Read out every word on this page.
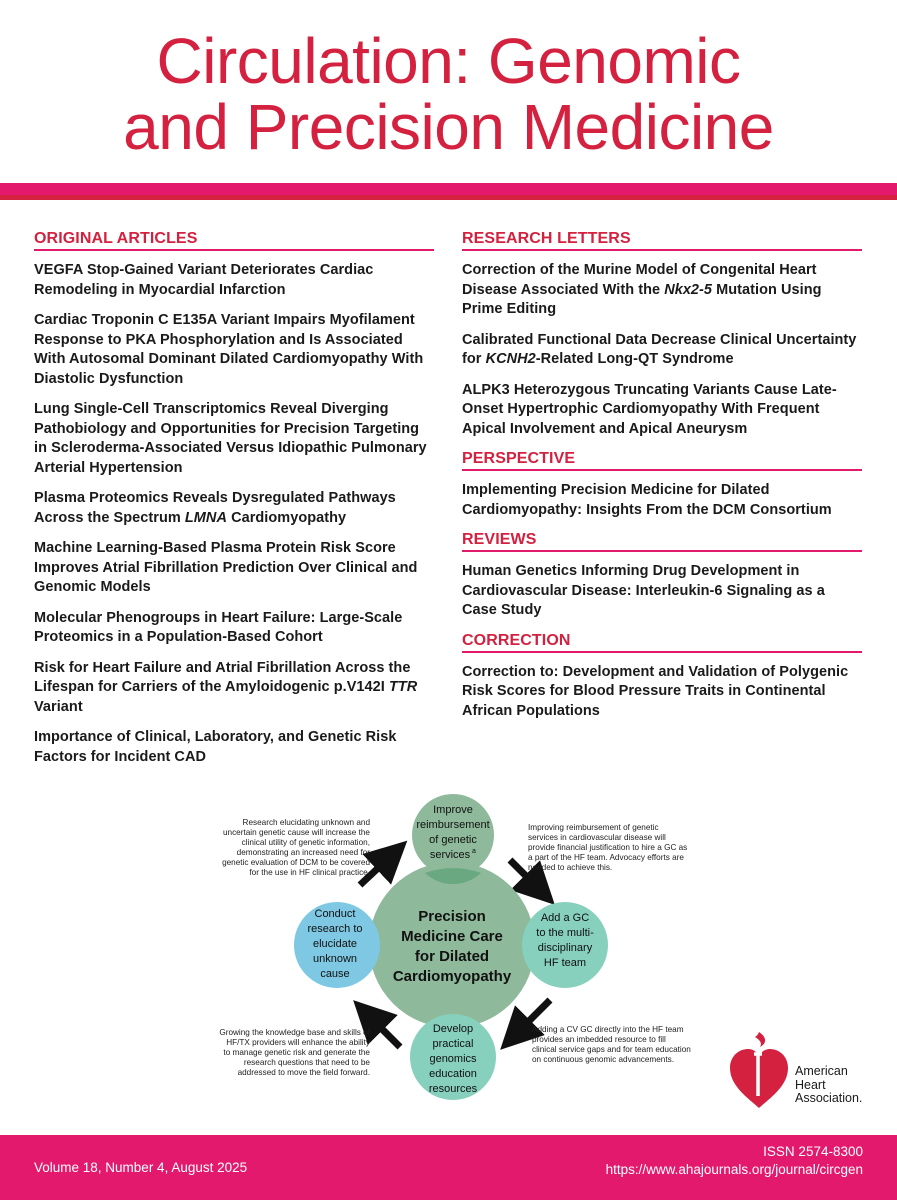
Circulation: Genomic
and Precision Medicine
ORIGINAL ARTICLES

VEGFA Stop-Gained Variant Deteriorates Cardiac Remodeling in Myocardial Infarction

Cardiac Troponin C E135A Variant Impairs Myofilament Response to PKA Phosphorylation and Is Associated With Autosomal Dominant Dilated Cardiomyopathy With Diastolic Dysfunction

Lung Single-Cell Transcriptomics Reveal Diverging Pathobiology and Opportunities for Precision Targeting in Scleroderma-Associated Versus Idiopathic Pulmonary Arterial Hypertension

Plasma Proteomics Reveals Dysregulated Pathways Across the Spectrum LMNA Cardiomyopathy

Machine Learning-Based Plasma Protein Risk Score Improves Atrial Fibrillation Prediction Over Clinical and Genomic Models

Molecular Phenogroups in Heart Failure: Large-Scale Proteomics in a Population-Based Cohort

Risk for Heart Failure and Atrial Fibrillation Across the Lifespan for Carriers of the Amyloidogenic p.V142I TTR Variant

Importance of Clinical, Laboratory, and Genetic Risk Factors for Incident CAD

RESEARCH LETTERS

Correction of the Murine Model of Congenital Heart Disease Associated With the Nkx2-5 Mutation Using Prime Editing

Calibrated Functional Data Decrease Clinical Uncertainty for KCNH2-Related Long-QT Syndrome

ALPK3 Heterozygous Truncating Variants Cause Late-Onset Hypertrophic Cardiomyopathy With Frequent Apical Involvement and Apical Aneurysm

PERSPECTIVE

Implementing Precision Medicine for Dilated Cardiomyopathy: Insights From the DCM Consortium

REVIEWS

Human Genetics Informing Drug Development in Cardiovascular Disease: Interleukin-6 Signaling as a Case Study

CORRECTION

Correction to: Development and Validation of Polygenic Risk Scores for Blood Pressure Traits in Continental African Populations

Precision
Medicine Care
for Dilated
Cardiomyopathy
Improve
reimbursement
of genetic
services a
Add a GC
to the multi-
disciplinary
HF team
Develop
practical
genomics
education
resources
Conduct
research to
elucidate
unknown
cause
Research elucidating unknown and uncertain genetic cause will increase the clinical utility of genetic information, demonstrating an increased need for genetic evaluation of DCM to be covered for the use in HF clinical practice.
Improving reimbursement of genetic services in cardiovascular disease will provide financial justification to hire a GC as a part of the HF team. Advocacy efforts are needed to achieve this.
Growing the knowledge base and skills of HF/TX providers will enhance the ability to manage genetic risk and generate the research questions that need to be addressed to move the field forward.
Adding a CV GC directly into the HF team provides an imbedded resource to fill clinical service gaps and for team education on continuous genomic advancements.
American
Heart
Association.
Volume 18, Number 4, August 2025
ISSN 2574-8300
https://www.ahajournals.org/journal/circgen
